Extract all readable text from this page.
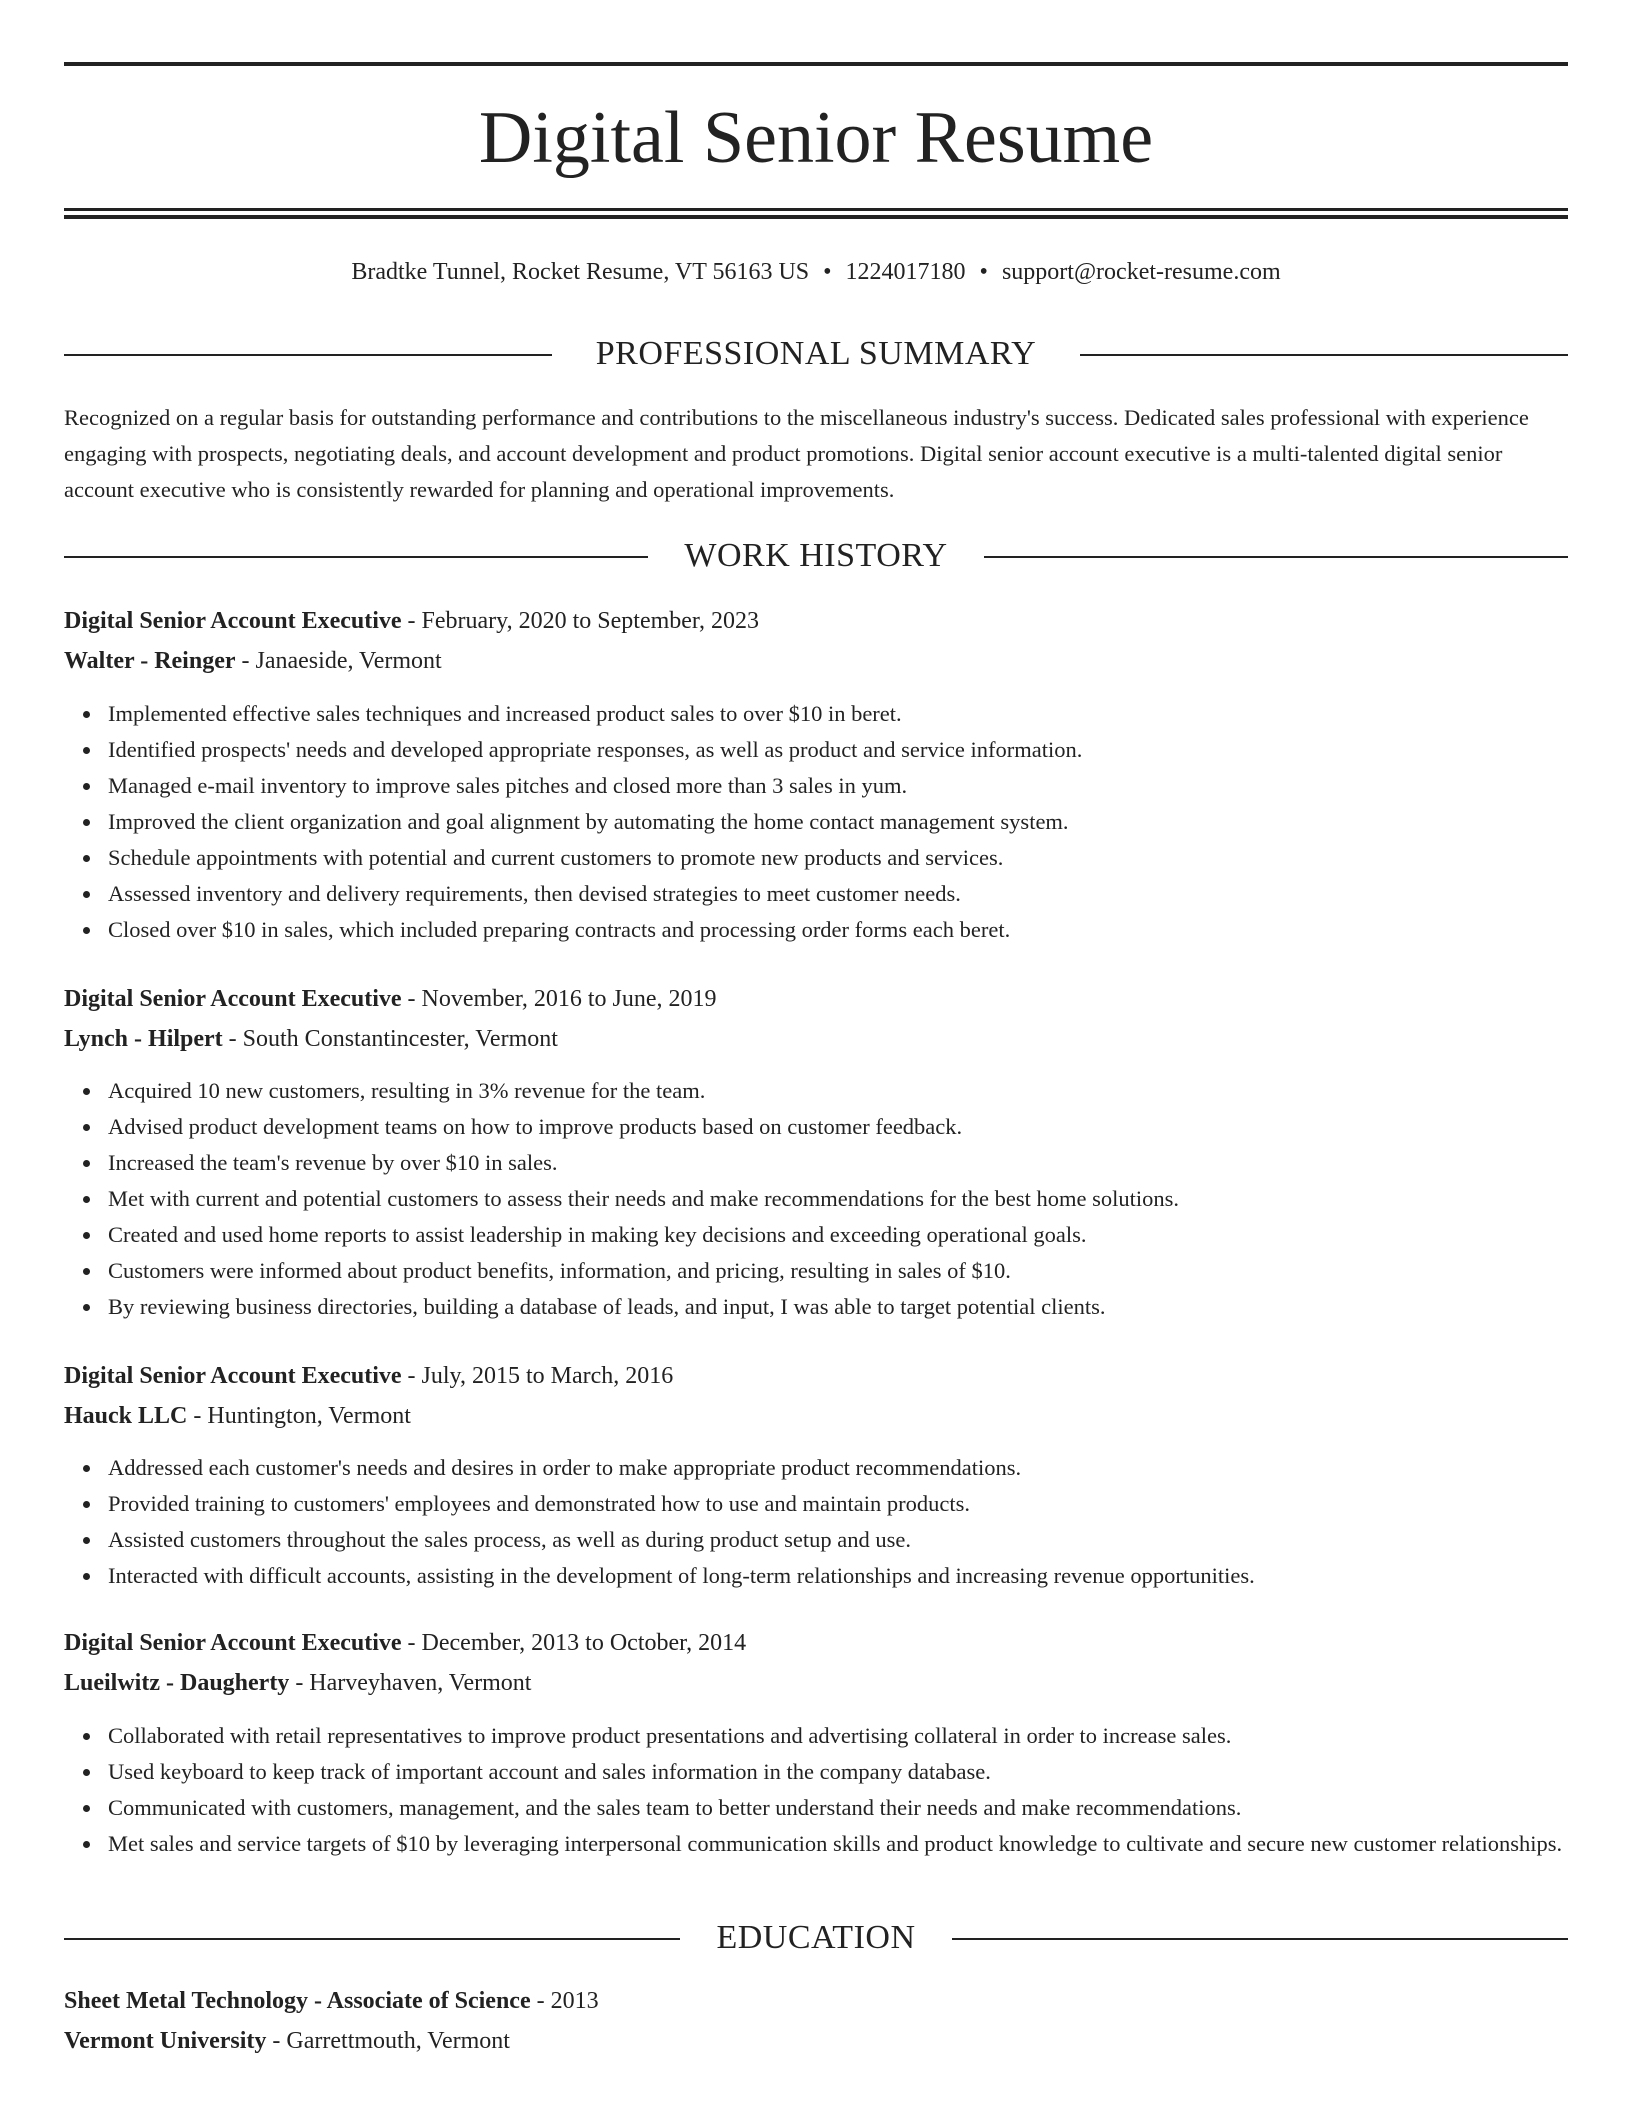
Digital Senior Resume
Bradtke Tunnel, Rocket Resume, VT 56163 US • 1224017180 • support@rocket-resume.com
PROFESSIONAL SUMMARY

Recognized on a regular basis for outstanding performance and contributions to the miscellaneous industry's success. Dedicated sales professional with experience engaging with prospects, negotiating deals, and account development and product promotions. Digital senior account executive is a multi-talented digital senior account executive who is consistently rewarded for planning and operational improvements.

WORK HISTORY
Digital Senior Account Executive - February, 2020 to September, 2023
Walter - Reinger - Janaeside, Vermont
Implemented effective sales techniques and increased product sales to over $10 in beret.
Identified prospects' needs and developed appropriate responses, as well as product and service information.
Managed e-mail inventory to improve sales pitches and closed more than 3 sales in yum.
Improved the client organization and goal alignment by automating the home contact management system.
Schedule appointments with potential and current customers to promote new products and services.
Assessed inventory and delivery requirements, then devised strategies to meet customer needs.
Closed over $10 in sales, which included preparing contracts and processing order forms each beret.
Digital Senior Account Executive - November, 2016 to June, 2019
Lynch - Hilpert - South Constantincester, Vermont
Acquired 10 new customers, resulting in 3% revenue for the team.
Advised product development teams on how to improve products based on customer feedback.
Increased the team's revenue by over $10 in sales.
Met with current and potential customers to assess their needs and make recommendations for the best home solutions.
Created and used home reports to assist leadership in making key decisions and exceeding operational goals.
Customers were informed about product benefits, information, and pricing, resulting in sales of $10.
By reviewing business directories, building a database of leads, and input, I was able to target potential clients.
Digital Senior Account Executive - July, 2015 to March, 2016
Hauck LLC - Huntington, Vermont
Addressed each customer's needs and desires in order to make appropriate product recommendations.
Provided training to customers' employees and demonstrated how to use and maintain products.
Assisted customers throughout the sales process, as well as during product setup and use.
Interacted with difficult accounts, assisting in the development of long-term relationships and increasing revenue opportunities.
Digital Senior Account Executive - December, 2013 to October, 2014
Lueilwitz - Daugherty - Harveyhaven, Vermont
Collaborated with retail representatives to improve product presentations and advertising collateral in order to increase sales.
Used keyboard to keep track of important account and sales information in the company database.
Communicated with customers, management, and the sales team to better understand their needs and make recommendations.
Met sales and service targets of $10 by leveraging interpersonal communication skills and product knowledge to cultivate and secure new customer relationships.
EDUCATION
Sheet Metal Technology - Associate of Science - 2013
Vermont University - Garrettmouth, Vermont
